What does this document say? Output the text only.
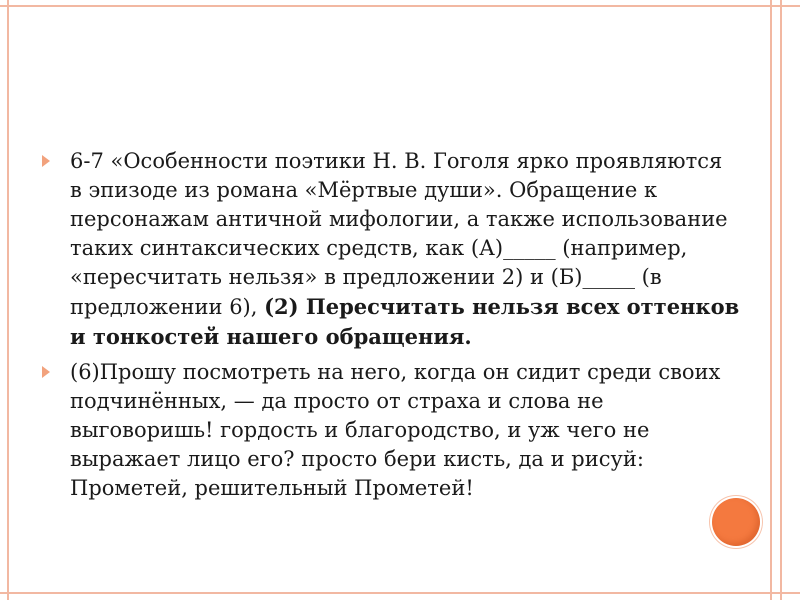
6-7 «Особенности поэтики Н. В. Гоголя ярко проявляются в эпизоде из романа «Мёртвые души». Обращение к персонажам античной мифологии, а также использование таких синтаксических средств, как (А)_____ (например, «пересчитать нельзя» в предложении 2) и (Б)_____ (в предложении 6), (2) Пересчитать нельзя всех оттенков и тонкостей нашего обращения.

(6)Прошу посмотреть на него, когда он сидит среди своих подчинённых, — да просто от страха и слова не выговоришь! гордость и благородство, и уж чего не выражает лицо его? просто бери кисть, да и рисуй: Прометей, решительный Прометей!
